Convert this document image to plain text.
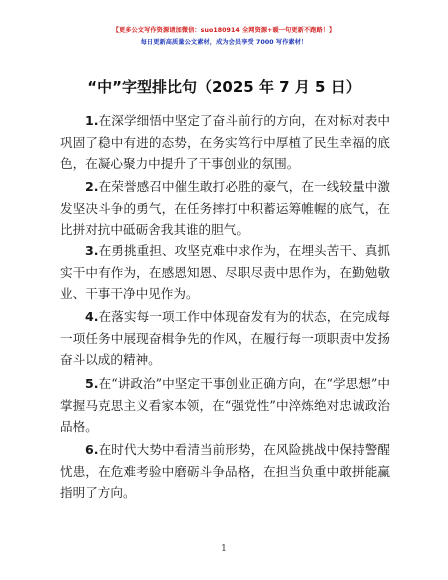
【更多公文写作资源请加微信：suo180914 全网资源+暖一句更新不跑路！】
每日更新高质量公文素材，成为会员享受 7000 写作素材！
“中”字型排比句（2025 年 7 月 5 日）
1.在深学细悟中坚定了奋斗前行的方向，在对标对表中巩固了稳中有进的态势，在务实笃行中厚植了民生幸福的底色，在凝心聚力中提升了干事创业的氛围。
2.在荣誉感召中催生敢打必胜的豪气，在一线较量中激发坚决斗争的勇气，在任务摔打中积蓄运筹帷幄的底气，在比拼对抗中砥砺舍我其谁的胆气。
3.在勇挑重担、攻坚克难中求作为，在埋头苦干、真抓实干中有作为，在感恩知恩、尽职尽责中思作为，在勤勉敬业、干事干净中见作为。
4.在落实每一项工作中体现奋发有为的状态，在完成每一项任务中展现奋楫争先的作风，在履行每一项职责中发扬奋斗以成的精神。
5.在“讲政治”中坚定干事创业正确方向，在“学思想”中掌握马克思主义看家本领，在“强党性”中淬炼绝对忠诚政治品格。
6.在时代大势中看清当前形势，在风险挑战中保持警醒忧患，在危难考验中磨砺斗争品格，在担当负重中敢拼能赢指明了方向。
1
